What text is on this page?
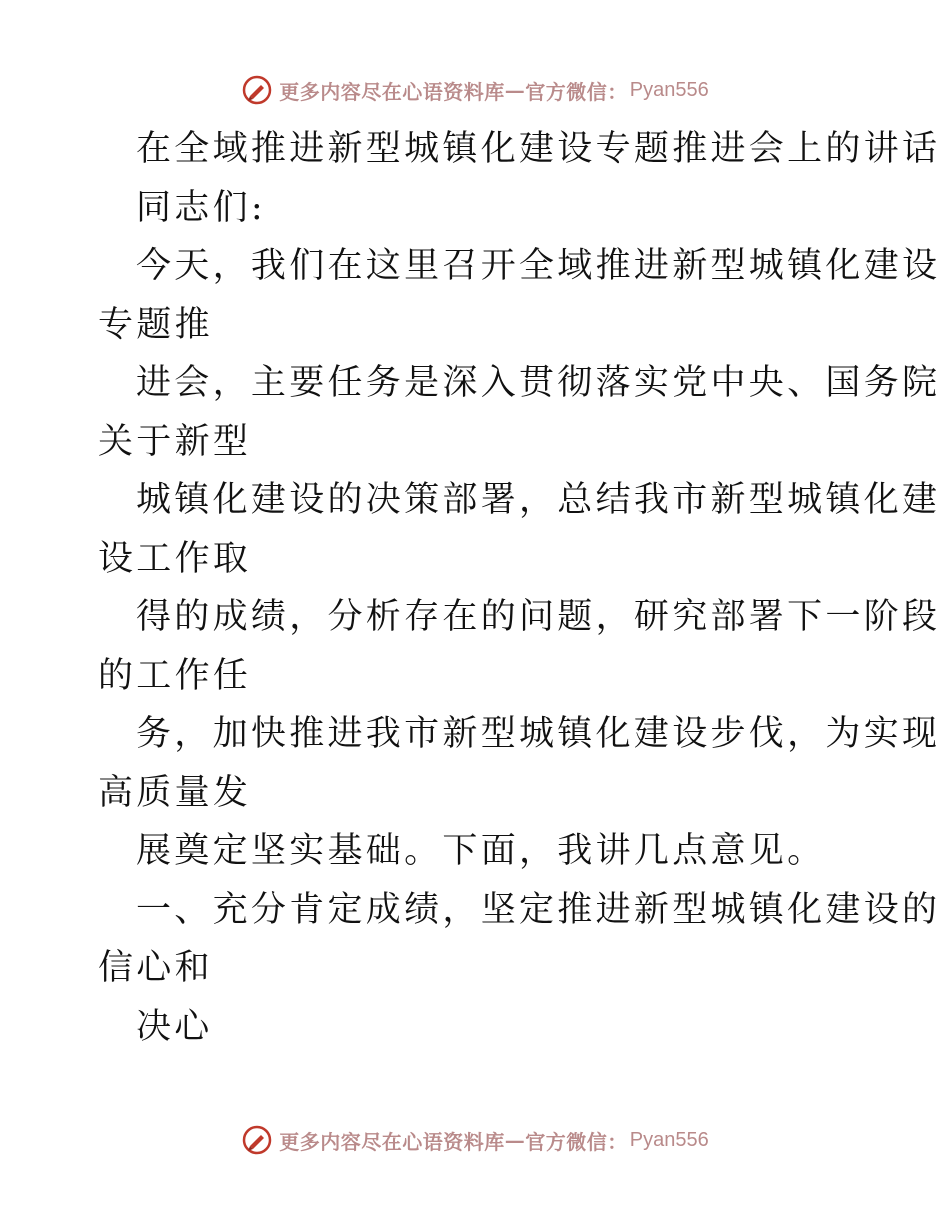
更多内容尽在心语资料库 — 官方微信： Pyan556
在全域推进新型城镇化建设专题推进会上的讲话
同志们:
今天，我们在这里召开全域推进新型城镇化建设
专题推
进会，主要任务是深入贯彻落实党中央、国务院
关于新型
城镇化建设的决策部署，总结我市新型城镇化建
设工作取
得的成绩，分析存在的问题，研究部署下一阶段
的工作任
务，加快推进我市新型城镇化建设步伐，为实现
高质量发
展奠定坚实基础。下面，我讲几点意见。
一、充分肯定成绩，坚定推进新型城镇化建设的
信心和
决心
更多内容尽在心语资料库 — 官方微信： Pyan556
